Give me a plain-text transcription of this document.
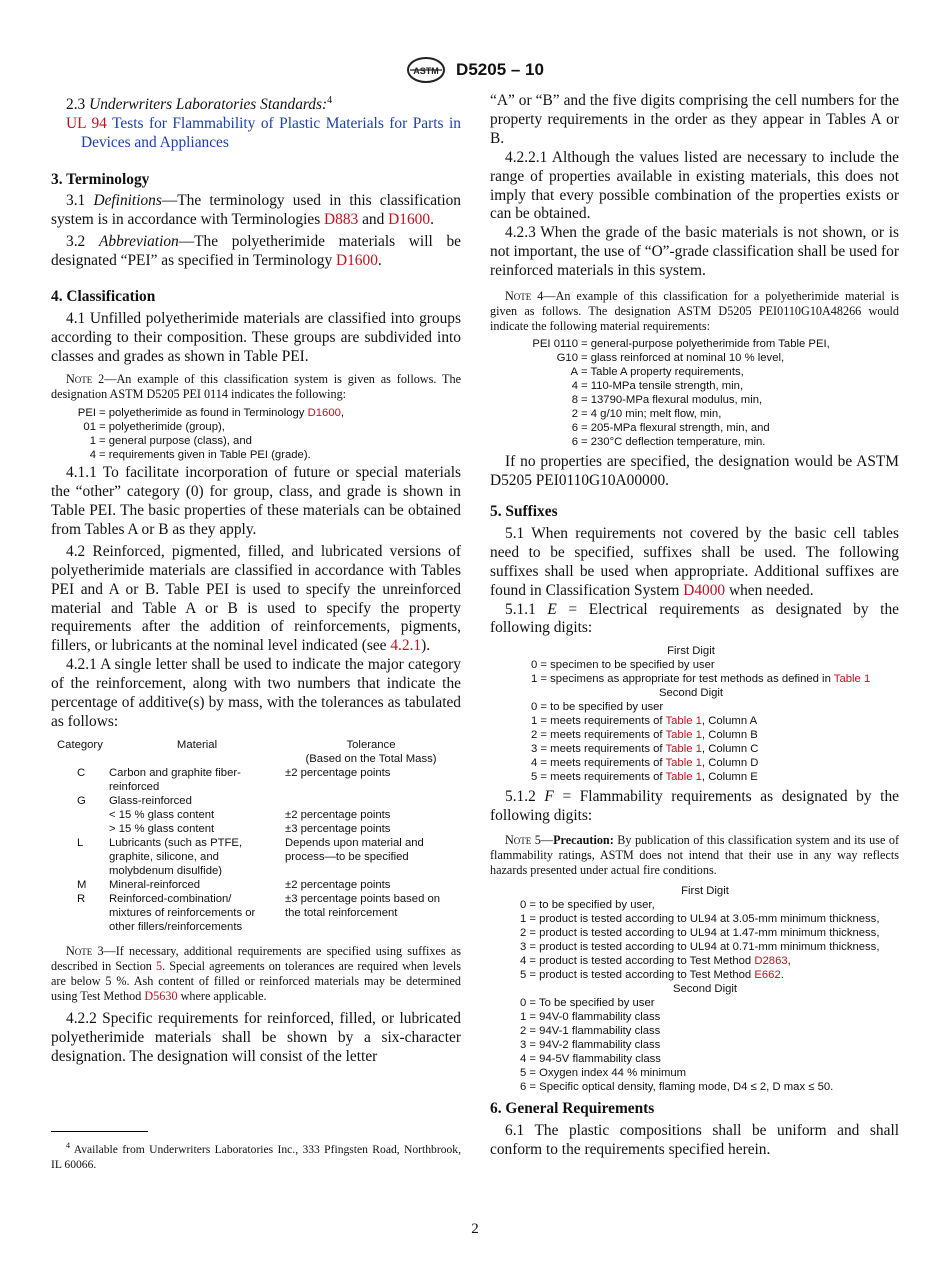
ASTM D5205 – 10

2.3 Underwriters Laboratories Standards:$^4$

UL 94 Tests for Flammability of Plastic Materials for Parts in Devices and Appliances

3. Terminology

3.1 Definitions—The terminology used in this classification system is in accordance with Terminologies D883 and D1600.

3.2 Abbreviation—The polyetherimide materials will be designated “PEI” as specified in Terminology D1600.

4. Classification

4.1 Unfilled polyetherimide materials are classified into groups according to their composition. These groups are subdivided into classes and grades as shown in Table PEI.

Note 2—An example of this classification system is given as follows. The designation ASTM D5205 PEI 0114 indicates the following:

PEI = polyetherimide as found in Terminology D1600,
01 = polyetherimide (group),
1 = general purpose (class), and
4 = requirements given in Table PEI (grade).

4.1.1 To facilitate incorporation of future or special materials the “other” category (0) for group, class, and grade is shown in Table PEI. The basic properties of these materials can be obtained from Tables A or B as they apply.

4.2 Reinforced, pigmented, filled, and lubricated versions of polyetherimide materials are classified in accordance with Tables PEI and A or B. Table PEI is used to specify the unreinforced material and Table A or B is used to specify the property requirements after the addition of reinforcements, pigments, fillers, or lubricants at the nominal level indicated (see 4.2.1).

4.2.1 A single letter shall be used to indicate the major category of the reinforcement, along with two numbers that indicate the percentage of additive(s) by mass, with the tolerances as tabulated as follows:

Category	Material	Tolerance
		(Based on the Total Mass)
C	Carbon and graphite fiber-reinforced	±2 percentage points
G	Glass-reinforced	
	< 15 % glass content	±2 percentage points
	> 15 % glass content	±3 percentage points
L	Lubricants (such as PTFE, graphite, silicone, and molybdenum disulfide)	Depends upon material and process—to be specified
M	Mineral-reinforced	±2 percentage points
R	Reinforced-combination/ mixtures of reinforcements or other fillers/reinforcements	±3 percentage points based on the total reinforcement

Note 3—If necessary, additional requirements are specified using suffixes as described in Section 5. Special agreements on tolerances are required when levels are below 5 %. Ash content of filled or reinforced materials may be determined using Test Method D5630 where applicable.

4.2.2 Specific requirements for reinforced, filled, or lubricated polyetherimide materials shall be shown by a six-character designation. The designation will consist of the letter

$^4$ Available from Underwriters Laboratories Inc., 333 Pfingsten Road, Northbrook, IL 60066.

“A” or “B” and the five digits comprising the cell numbers for the property requirements in the order as they appear in Tables A or B.

4.2.2.1 Although the values listed are necessary to include the range of properties available in existing materials, this does not imply that every possible combination of the properties exists or can be obtained.

4.2.3 When the grade of the basic materials is not shown, or is not important, the use of “O”-grade classification shall be used for reinforced materials in this system.

Note 4—An example of this classification for a polyetherimide material is given as follows. The designation ASTM D5205 PEI0110G10A48266 would indicate the following material requirements:

PEI 0110 = general-purpose polyetherimide from Table PEI,
G10 = glass reinforced at nominal 10 % level,
A = Table A property requirements,
4 = 110-MPa tensile strength, min,
8 = 13790-MPa flexural modulus, min,
2 = 4 g/10 min; melt flow, min,
6 = 205-MPa flexural strength, min, and
6 = 230°C deflection temperature, min.

If no properties are specified, the designation would be ASTM D5205 PEI0110G10A00000.

5. Suffixes

5.1 When requirements not covered by the basic cell tables need to be specified, suffixes shall be used. The following suffixes shall be used when appropriate. Additional suffixes are found in Classification System D4000 when needed.

5.1.1 E = Electrical requirements as designated by the following digits:

First Digit
0 = specimen to be specified by user
1 = specimens as appropriate for test methods as defined in Table 1
Second Digit
0 = to be specified by user
1 = meets requirements of Table 1, Column A
2 = meets requirements of Table 1, Column B
3 = meets requirements of Table 1, Column C
4 = meets requirements of Table 1, Column D
5 = meets requirements of Table 1, Column E

5.1.2 F = Flammability requirements as designated by the following digits:

Note 5—Precaution: By publication of this classification system and its use of flammability ratings, ASTM does not intend that their use in any way reflects hazards presented under actual fire conditions.

First Digit
0 = to be specified by user,
1 = product is tested according to UL94 at 3.05-mm minimum thickness,
2 = product is tested according to UL94 at 1.47-mm minimum thickness,
3 = product is tested according to UL94 at 0.71-mm minimum thickness,
4 = product is tested according to Test Method D2863,
5 = product is tested according to Test Method E662.
Second Digit
0 = To be specified by user
1 = 94V-0 flammability class
2 = 94V-1 flammability class
3 = 94V-2 flammability class
4 = 94-5V flammability class
5 = Oxygen index 44 % minimum
6 = Specific optical density, flaming mode, D4 ≤ 2, D max ≤ 50.

6. General Requirements

6.1 The plastic compositions shall be uniform and shall conform to the requirements specified herein.

2
